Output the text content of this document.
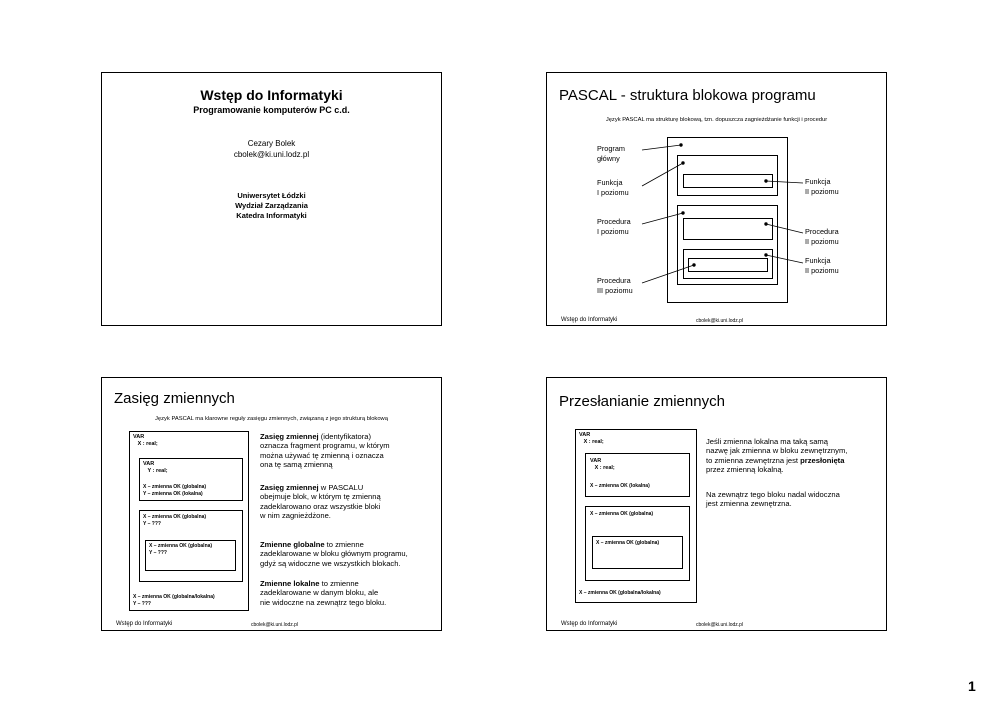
Wstęp do Informatyki
Programowanie komputerów PC c.d.
Cezary Bolek
cbolek@ki.uni.lodz.pl
Uniwersytet Łódzki
Wydział Zarządzania
Katedra Informatyki
PASCAL - struktura blokowa programu
Język PASCAL ma strukturę blokową, tzn. dopuszcza zagnieżdżanie funkcji i procedur
Program
główny
Funkcja
I poziomu
Procedura
I poziomu
Procedura
III poziomu
Funkcja
II poziomu
Procedura
II poziomu
Funkcja
II poziomu
Wstęp do Informatyki	cbolek@ki.uni.lodz.pl
Zasięg zmiennych
Język PASCAL ma klarowne reguły zasięgu zmiennych, związaną z jego strukturą blokową
VAR
X : real;
VAR
Y : real;
X – zmienna OK (globalna)
Y – zmienna OK (lokalna)
X – zmienna OK (globalna)
Y – ???
X – zmienna OK (globalna)
Y – ???
X – zmienna OK (globalna/lokalna)
Y – ???
Zasięg zmiennej (identyfikatora)
oznacza fragment programu, w którym
można używać tę zmienną i oznacza
ona tę samą zmienną
Zasięg zmiennej w PASCALU
obejmuje blok, w którym tę zmienną
zadeklarowano oraz wszystkie bloki
w nim zagnieżdżone.
Zmienne globalne to zmienne
zadeklarowane w bloku głównym programu,
gdyż są widoczne we wszystkich blokach.
Zmienne lokalne to zmienne
zadeklarowane w danym bloku, ale
nie widoczne na zewnątrz tego bloku.
Wstęp do Informatyki	cbolek@ki.uni.lodz.pl
Przesłanianie zmiennych
VAR
X : real;
VAR
X : real;
X – zmienna OK (lokalna)
X – zmienna OK (globalna)
X – zmienna OK (globalna)
X – zmienna OK (globalna/lokalna)
Jeśli zmienna lokalna ma taką samą
nazwę jak zmienna w bloku zewnętrznym,
to zmienna zewnętrzna jest przesłonięta
przez zmienną lokalną.
Na zewnątrz tego bloku nadal widoczna
jest zmienna zewnętrzna.
Wstęp do Informatyki	cbolek@ki.uni.lodz.pl
1
